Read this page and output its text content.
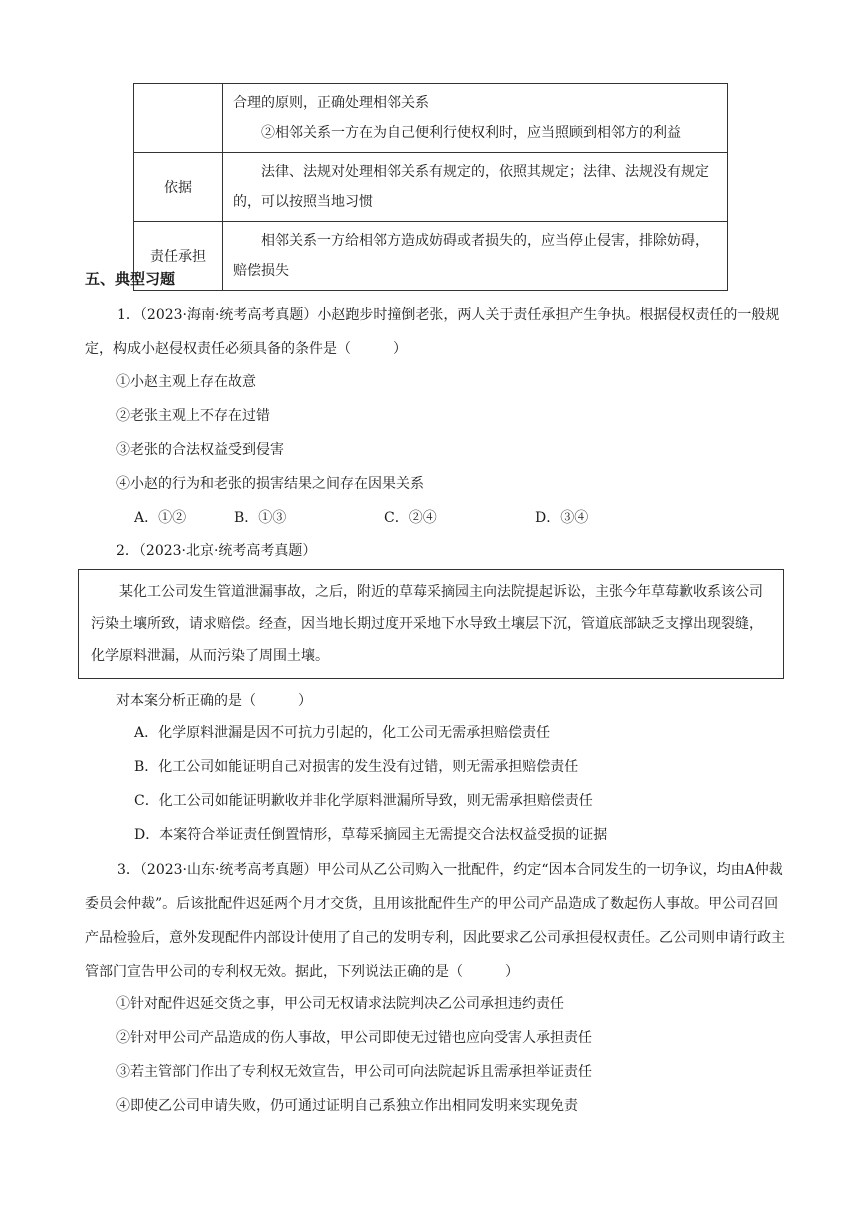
	合理的原则，正确处理相邻关系
②相邻关系一方在为自己便利行使权利时，应当照顾到相邻方的利益

依据	法律、法规对处理相邻关系有规定的，依照其规定；法律、法规没有规定的，可以按照当地习惯

责任承担	相邻关系一方给相邻方造成妨碍或者损失的，应当停止侵害，排除妨碍，赔偿损失
五、典型习题
1．（2023·海南·统考高考真题）小赵跑步时撞倒老张，两人关于责任承担产生争执。根据侵权责任的一般规定，构成小赵侵权责任必须具备的条件是（　　　）
①小赵主观上存在故意
②老张主观上不存在过错
③老张的合法权益受到侵害
④小赵的行为和老张的损害结果之间存在因果关系
A．①②	B．①③	C．②④	D．③④
2．（2023·北京·统考高考真题）
某化工公司发生管道泄漏事故，之后，附近的草莓采摘园主向法院提起诉讼，主张今年草莓歉收系该公司污染土壤所致，请求赔偿。经查，因当地长期过度开采地下水导致土壤层下沉，管道底部缺乏支撑出现裂缝，化学原料泄漏，从而污染了周围土壤。
对本案分析正确的是（　　　）
A．化学原料泄漏是因不可抗力引起的，化工公司无需承担赔偿责任
B．化工公司如能证明自己对损害的发生没有过错，则无需承担赔偿责任
C．化工公司如能证明歉收并非化学原料泄漏所导致，则无需承担赔偿责任
D．本案符合举证责任倒置情形，草莓采摘园主无需提交合法权益受损的证据
3．（2023·山东·统考高考真题）甲公司从乙公司购入一批配件，约定“因本合同发生的一切争议，均由A仲裁委员会仲裁”。后该批配件迟延两个月才交货，且用该批配件生产的甲公司产品造成了数起伤人事故。甲公司召回产品检验后，意外发现配件内部设计使用了自己的发明专利，因此要求乙公司承担侵权责任。乙公司则申请行政主管部门宣告甲公司的专利权无效。据此，下列说法正确的是（　　　）
①针对配件迟延交货之事，甲公司无权请求法院判决乙公司承担违约责任
②针对甲公司产品造成的伤人事故，甲公司即使无过错也应向受害人承担责任
③若主管部门作出了专利权无效宣告，甲公司可向法院起诉且需承担举证责任
④即使乙公司申请失败，仍可通过证明自己系独立作出相同发明来实现免责
